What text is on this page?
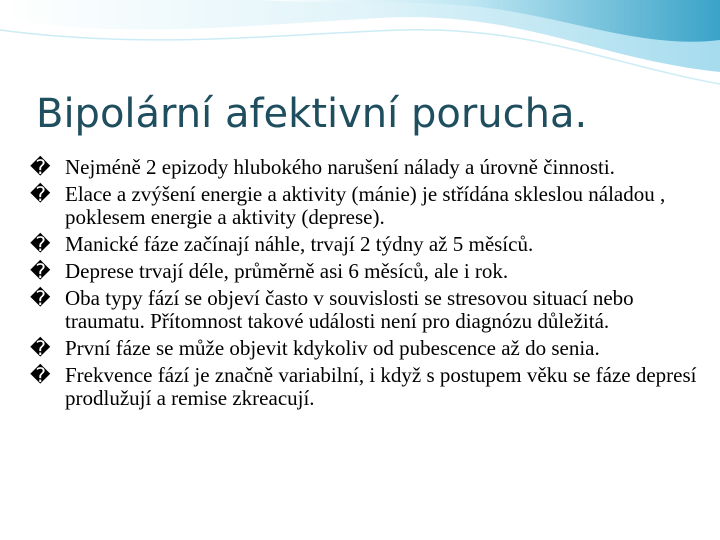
Bipolární afektivní porucha.
� Nejméně 2 epizody hlubokého narušení nálady a úrovně činnosti.
� Elace a zvýšení energie a aktivity (mánie) je střídána skleslou náladou , poklesem energie a aktivity (deprese).
� Manické fáze začínají náhle, trvají 2 týdny až 5 měsíců.
� Deprese trvají déle, průměrně asi 6 měsíců, ale i rok.
� Oba typy fází se objeví často v souvislosti se stresovou situací nebo traumatu. Přítomnost takové události není pro diagnózu důležitá.
� První fáze se může objevit kdykoliv od pubescence až do senia.
� Frekvence fází je značně variabilní, i když s postupem věku se fáze depresí prodlužují a remise zkreacují.
